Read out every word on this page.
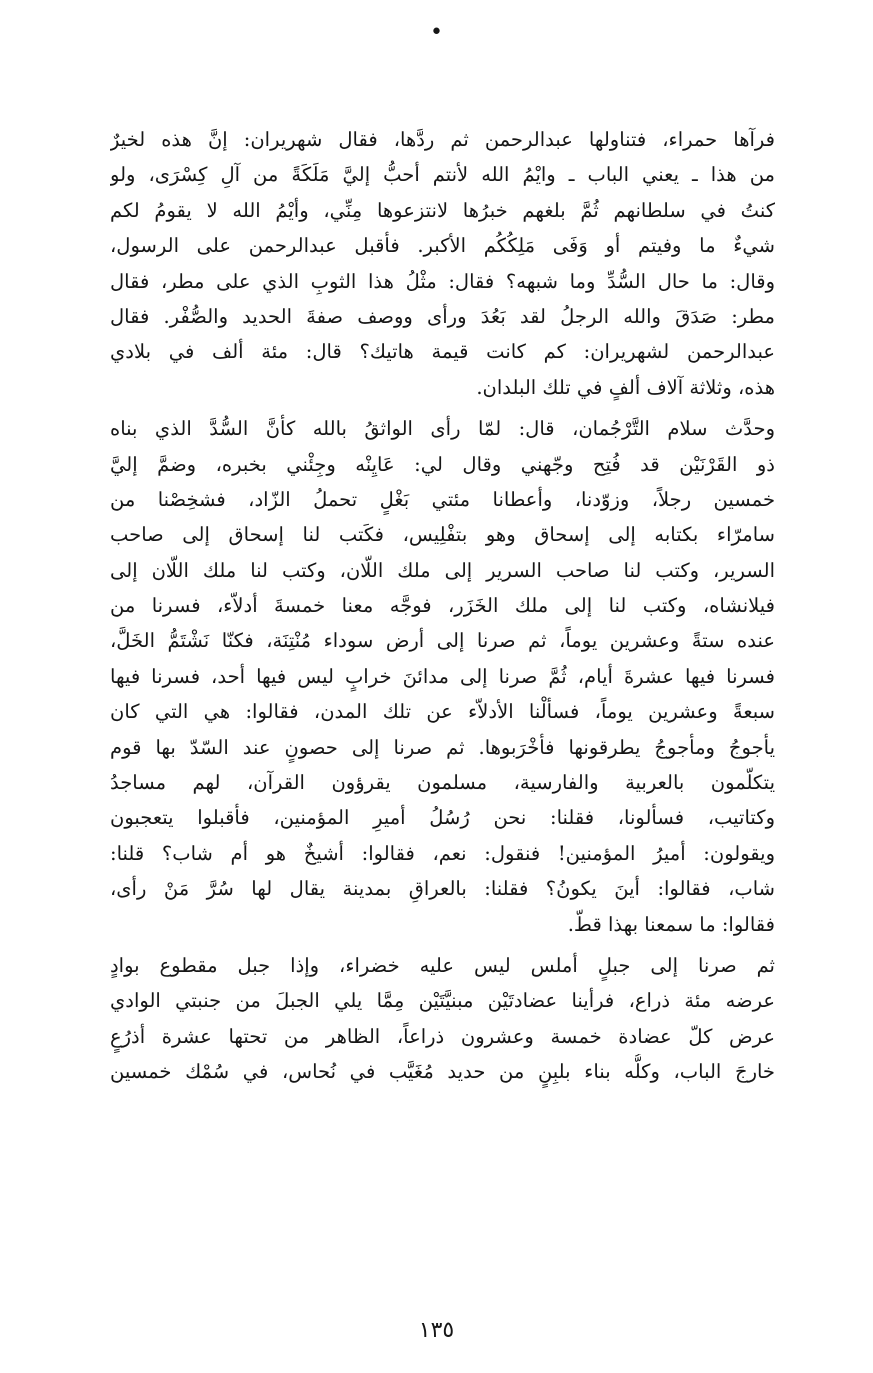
•
فرآها حمراء، فتناولها عبدالرحمن ثم ردَّها، فقال شهريران: إنَّ هذه لخيرٌ
من هذا ـ يعني الباب ـ وايْمُ الله لأنتم أحبُّ إليَّ مَلَكَةً من آلِ كِسْرَى، ولو
كنتُ في سلطانهم ثُمَّ بلغهم خبرُها لانتزعوها مِنِّي، وأيْمُ الله لا يقومُ لكم
شيءٌ ما وفيتم أو وَفَى مَلِكُكُم الأكبر. فأقبل عبدالرحمن على الرسول،
وقال: ما حال السُّدِّ وما شبهه؟ فقال: مثْلُ هذا الثوبِ الذي على مطر، فقال
مطر: صَدَقَ والله الرجلُ لقد بَعُدَ ورأى ووصف صفةَ الحديد والصُّفْر. فقال
عبدالرحمن لشهريران: كم كانت قيمة هاتيك؟ قال: مئة ألف في بلادي
هذه، وثلاثة آلاف ألفٍ في تلك البلدان.
وحدَّث سلام التَّرْجُمان، قال: لمّا رأى الواثقُ بالله كأنَّ السُّدَّ الذي بناه
ذو القَرْنَيْن قد فُتِح وجّهني وقال لي: عَايِنْه وجِئْني بخبره، وضمَّ إليَّ
خمسين رجلاً، وزوّدنا، وأعطانا مئتي بَغْلٍ تحملُ الزّاد، فشخِصْنا من
سامرّاء بكتابه إلى إسحاق وهو بتفْلِيس، فكَتب لنا إسحاق إلى صاحب
السرير، وكتب لنا صاحب السرير إلى ملك اللّان، وكتب لنا ملك اللّان إلى
فيلانشاه، وكتب لنا إلى ملك الخَزَر، فوجَّه معنا خمسةَ أدلاّء، فسرنا من
عنده ستةً وعشرين يوماً، ثم صرنا إلى أرض سوداء مُنْتِنَة، فكنّا نَشْتَمُّ الخَلَّ،
فسرنا فيها عشرةَ أيام، ثُمَّ صرنا إلى مدائنَ خرابٍ ليس فيها أحد، فسرنا فيها
سبعةً وعشرين يوماً، فسألْنا الأدلاّء عن تلك المدن، فقالوا: هي التي كان
يأجوجُ ومأجوجُ يطرقونها فأخْرَبوها. ثم صرنا إلى حصونٍ عند السّدّ بها قوم
يتكلّمون بالعربية والفارسية، مسلمون يقرؤون القرآن، لهم مساجدُ
وكتاتيب، فسألونا، فقلنا: نحن رُسُلُ أميرِ المؤمنين، فأقبلوا يتعجبون
ويقولون: أميرُ المؤمنين! فنقول: نعم، فقالوا: أشيخٌ هو أم شاب؟ قلنا:
شاب، فقالوا: أينَ يكونُ؟ فقلنا: بالعراقِ بمدينة يقال لها سُرَّ مَنْ رأى،
فقالوا: ما سمعنا بهذا قطّ.
ثم صرنا إلى جبلٍ أملس ليس عليه خضراء، وإذا جبل مقطوع بوادٍ
عرضه مئة ذراع، فرأينا عضادتَيْن مبنيَّتَيْن مِمَّا يلي الجبلَ من جنبتي الوادي
عرض كلّ عضادة خمسة وعشرون ذراعاً، الظاهر من تحتها عشرة أذرُعٍ
خارجَ الباب، وكلُّه بناء بلبِنٍ من حديد مُغَيَّب في نُحاس، في سُمْك خمسين
١٣٥
